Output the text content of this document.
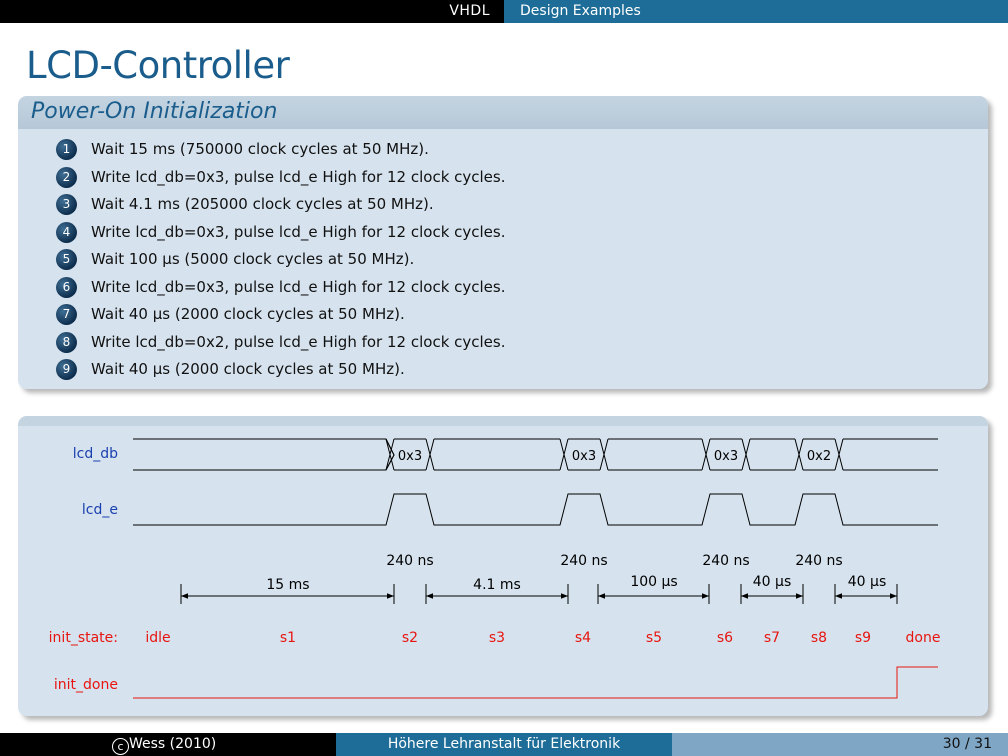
VHDL	Design Examples
LCD-Controller
Power-On Initialization
1	Wait 15 ms (750000 clock cycles at 50 MHz).
2	Write lcd_db=0x3, pulse lcd_e High for 12 clock cycles.
3	Wait 4.1 ms (205000 clock cycles at 50 MHz).
4	Write lcd_db=0x3, pulse lcd_e High for 12 clock cycles.
5	Wait 100 μs (5000 clock cycles at 50 MHz).
6	Write lcd_db=0x3, pulse lcd_e High for 12 clock cycles.
7	Wait 40 μs (2000 clock cycles at 50 MHz).
8	Write lcd_db=0x2, pulse lcd_e High for 12 clock cycles.
9	Wait 40 μs (2000 clock cycles at 50 MHz).
lcd_db
lcd_e
init_state:
init_done
0x3	0x3	0x3	0x2
240 ns	240 ns	240 ns	240 ns
15 ms	4.1 ms	100 μs	40 μs	40 μs
idle	s1	s2	s3	s4	s5	s6 s7 s8 s9 done
c Wess (2010)	Höhere Lehranstalt für Elektronik	30 / 31
